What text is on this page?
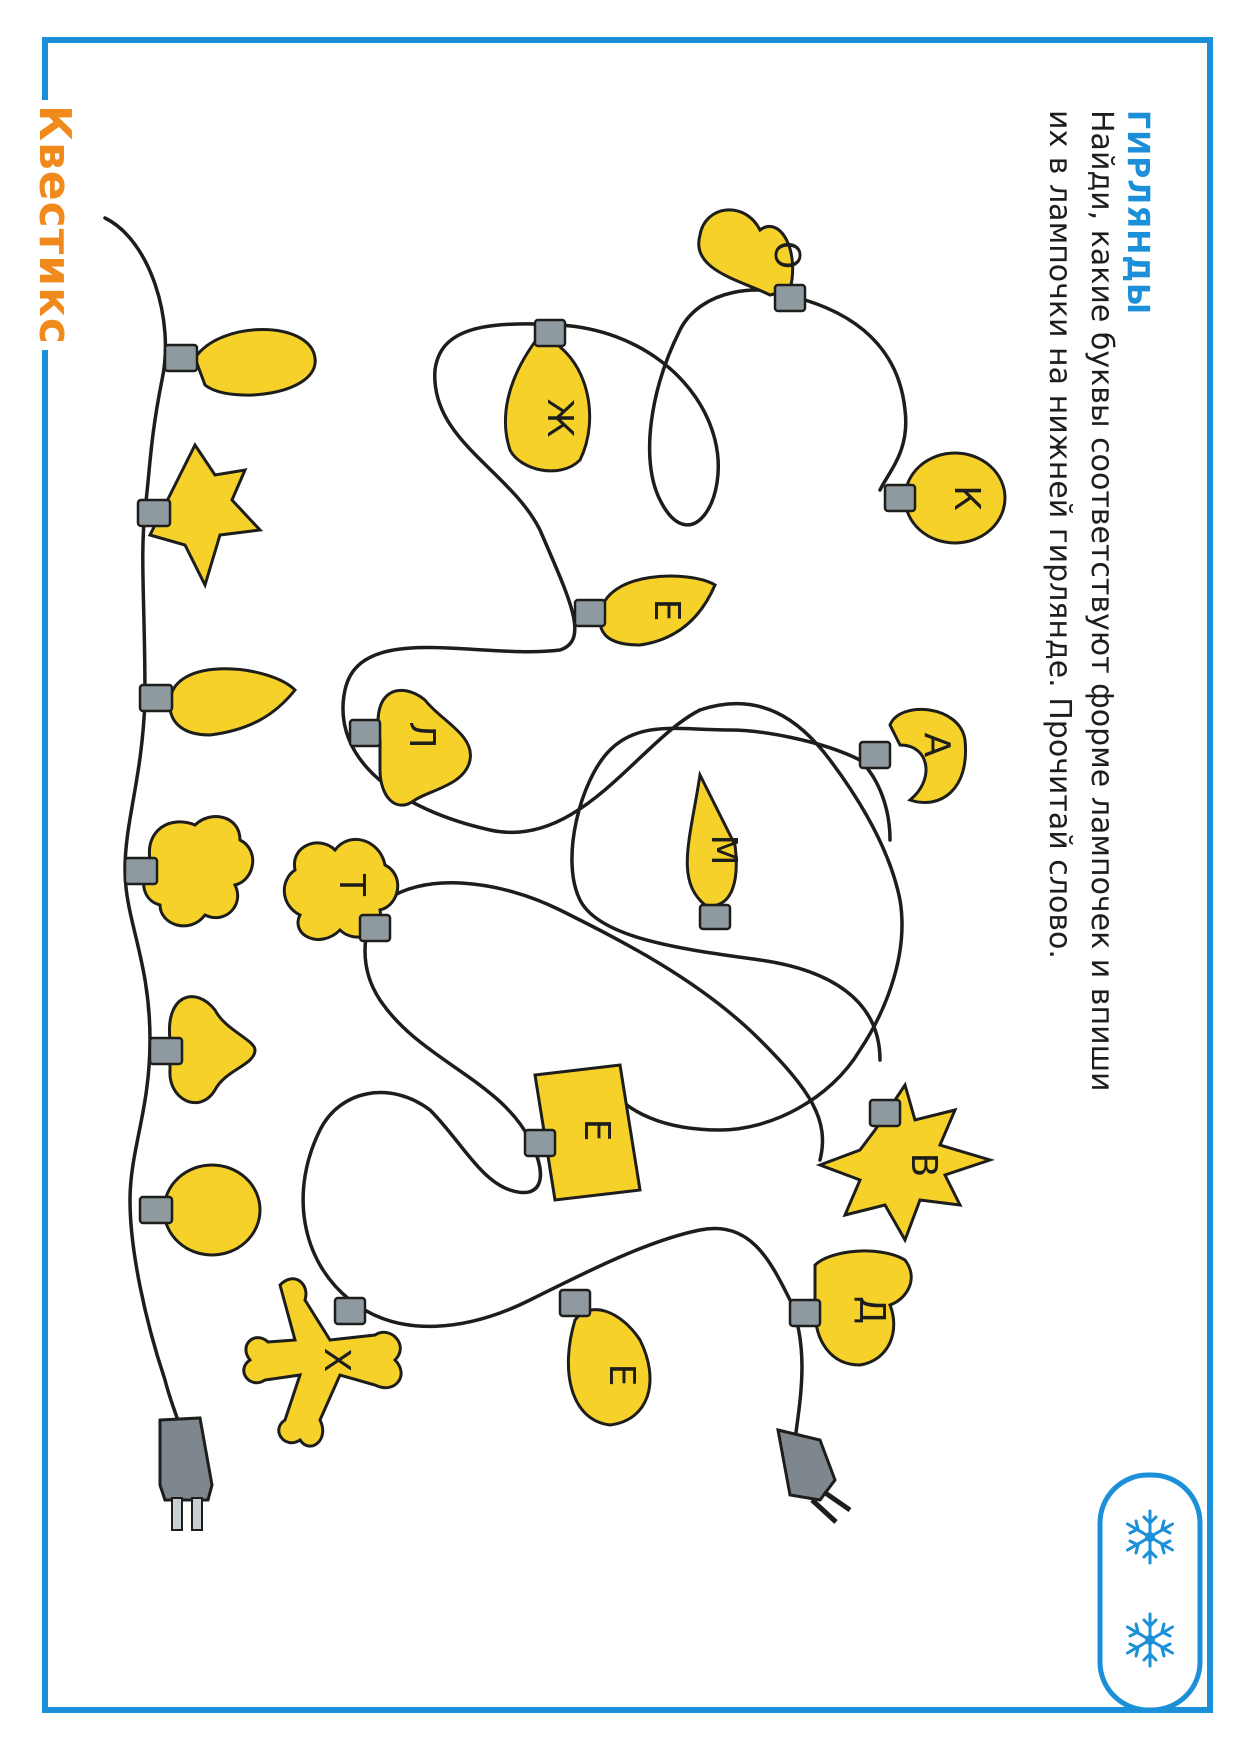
Квестикс	ГИРЛЯНДЫ
Найди, какие буквы соответствуют форме лампочек и впиши
их в лампочки на нижней гирлянде. Прочитай слово.
О
Ж
К
Е
Л	А
М
Т
Е
В
Х
Е
Д
